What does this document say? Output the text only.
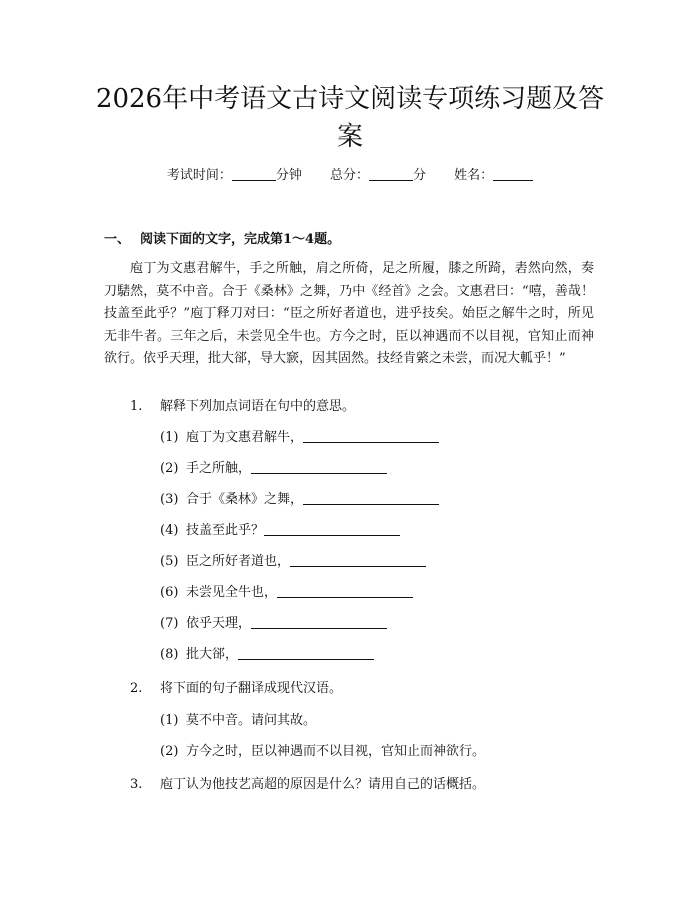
2026年中考语文古诗文阅读专项练习题及答案
考试时间：	分钟 总分：	分 姓名：
一、 阅读下面的文字，完成第1～4题。

庖丁为文惠君解牛，手之所触，肩之所倚，足之所履，膝之所踦，砉然向然，奏刀騞然，莫不中音。合于《桑林》之舞，乃中《经首》之会。文惠君曰：“嘻，善哉！技盖至此乎？”庖丁释刀对曰：“臣之所好者道也，进乎技矣。始臣之解牛之时，所见无非牛者。三年之后，未尝见全牛也。方今之时，臣以神遇而不以目视，官知止而神欲行。依乎天理，批大郤，导大窾，因其固然。技经肯綮之未尝，而况大軱乎！”

1. 解释下列加点词语在句中的意思。
(1) 庖丁为文惠君解牛，
(2) 手之所触，
(3) 合于《桑林》之舞，
(4) 技盖至此乎？
(5) 臣之所好者道也，
(6) 未尝见全牛也，
(7) 依乎天理，
(8) 批大郤，
2. 将下面的句子翻译成现代汉语。
(1) 莫不中音。请问其故。
(2) 方今之时，臣以神遇而不以目视，官知止而神欲行。
3. 庖丁认为他技艺高超的原因是什么？请用自己的话概括。
